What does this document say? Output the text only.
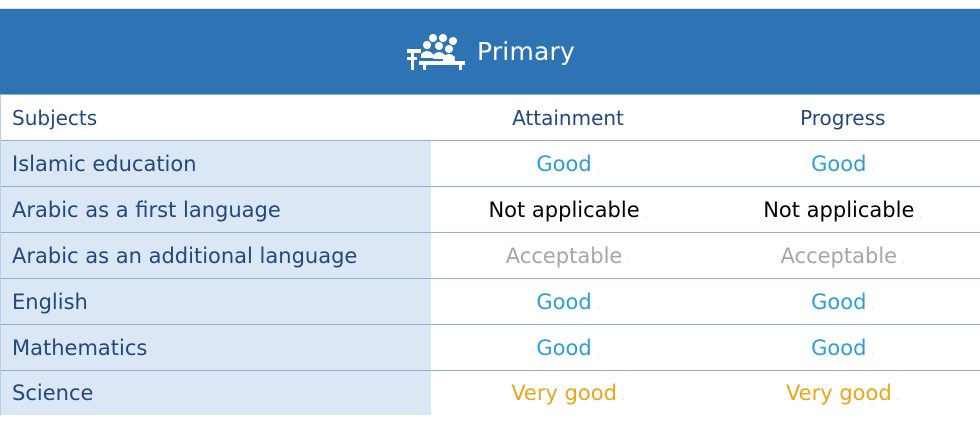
Primary
Subjects	Attainment	Progress
Islamic education	Good .	Good .
Arabic as a first language	Not applicable .	Not applicable .
Arabic as an additional language	Acceptable .	Acceptable .
English	Good .	Good .
Mathematics	Good .	Good .
Science	Very good .	Very good .
